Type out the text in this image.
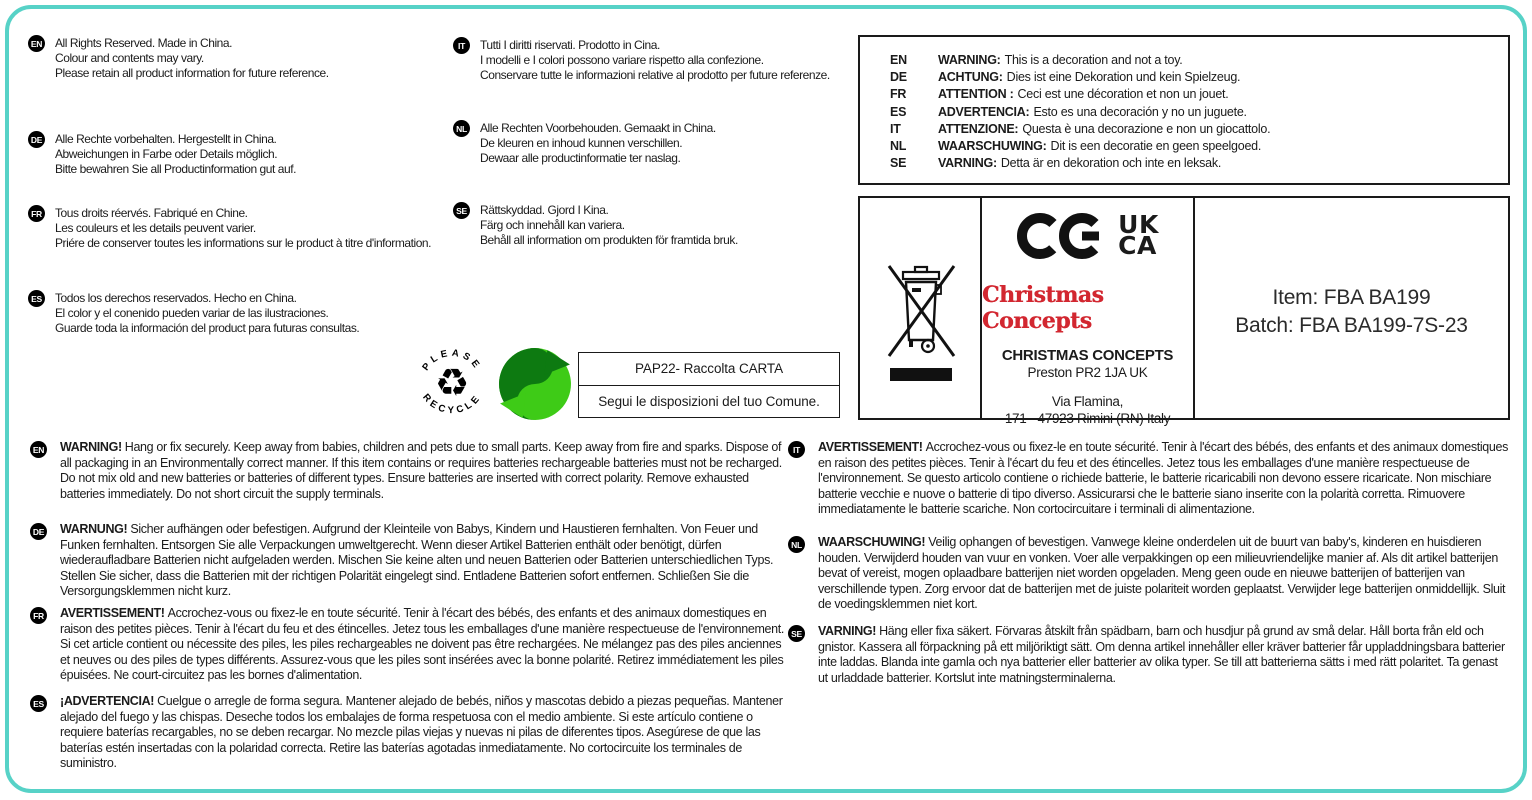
EN All Rights Reserved. Made in China.
Colour and contents may vary.
Please retain all product information for future reference.
DE Alle Rechte vorbehalten. Hergestellt in China.
Abweichungen in Farbe oder Details möglich.
Bitte bewahren Sie all Productinformation gut auf.
FR Tous droits réervés. Fabriqué en Chine.
Les couleurs et les details peuvent varier.
Priére de conserver toutes les informations sur le product à titre d'information.
ES Todos los derechos reservados. Hecho en China.
El color y el conenido pueden variar de las ilustraciones.
Guarde toda la información del product para futuras consultas.
IT	Tutti I diritti riservati. Prodotto in Cina.
I modelli e I colori possono variare rispetto alla confezione.
Conservare tutte le informazioni relative al prodotto per future referenze.
NL Alle Rechten Voorbehouden. Gemaakt in China.
De kleuren en inhoud kunnen verschillen.
Dewaar alle productinformatie ter naslag.
SE Rättskyddad. Gjord I Kina.
Färg och innehåll kan variera.
Behåll all information om produkten för framtida bruk.
EN	WARNING: This is a decoration and not a toy.
DE	ACHTUNG: Dies ist eine Dekoration und kein Spielzeug.
FR	ATTENTION : Ceci est une décoration et non un jouet.
ES	ADVERTENCIA: Esto es una decoración y no un juguete.
IT	ATTENZIONE: Questa è una decorazione e non un giocattolo.
NL	WAARSCHUWING: Dit is een decoratie en geen speelgoed.
SE	VARNING: Detta är en dekoration och inte en leksak.
UK
CA
Christmas Concepts
CHRISTMAS CONCEPTS
Preston PR2 1JA UK
Via Flamina,
171 - 47923 Rimini (RN) Italy
Item: FBA BA199
Batch: FBA BA199-7S-23
PLEASE
RECYCLE
♻	PAP22- Raccolta CARTA
Segui le disposizioni del tuo Comune.
EN WARNING! Hang or fix securely. Keep away from babies, children and pets due to small parts. Keep away from fire and sparks. Dispose of all packaging in an Environmentally correct manner. If this item contains or requires batteries rechargeable batteries must not be recharged. Do not mix old and new batteries or batteries of different types. Ensure batteries are inserted with correct polarity. Remove exhausted batteries immediately. Do not short circuit the supply terminals.
DE WARNUNG! Sicher aufhängen oder befestigen. Aufgrund der Kleinteile von Babys, Kindern und Haustieren fernhalten. Von Feuer und Funken fernhalten. Entsorgen Sie alle Verpackungen umweltgerecht. Wenn dieser Artikel Batterien enthält oder benötigt, dürfen wiederaufladbare Batterien nicht aufgeladen werden. Mischen Sie keine alten und neuen Batterien oder Batterien unterschiedlichen Typs. Stellen Sie sicher, dass die Batterien mit der richtigen Polarität eingelegt sind. Entladene Batterien sofort entfernen. Schließen Sie die Versorgungsklemmen nicht kurz.
FR AVERTISSEMENT! Accrochez-vous ou fixez-le en toute sécurité. Tenir à l'écart des bébés, des enfants et des animaux domestiques en raison des petites pièces. Tenir à l'écart du feu et des étincelles. Jetez tous les emballages d'une manière respectueuse de l'environnement. Si cet article contient ou nécessite des piles, les piles rechargeables ne doivent pas être rechargées. Ne mélangez pas des piles anciennes et neuves ou des piles de types différents. Assurez-vous que les piles sont insérées avec la bonne polarité. Retirez immédiatement les piles épuisées. Ne court-circuitez pas les bornes d'alimentation.
ES ¡ADVERTENCIA! Cuelgue o arregle de forma segura. Mantener alejado de bebés, niños y mascotas debido a piezas pequeñas. Mantener alejado del fuego y las chispas. Deseche todos los embalajes de forma respetuosa con el medio ambiente. Si este artículo contiene o requiere baterías recargables, no se deben recargar. No mezcle pilas viejas y nuevas ni pilas de diferentes tipos. Asegúrese de que las baterías estén insertadas con la polaridad correcta. Retire las baterías agotadas inmediatamente. No cortocircuite los terminales de suministro.
IT	AVERTISSEMENT! Accrochez-vous ou fixez-le en toute sécurité. Tenir à l'écart des bébés, des enfants et des animaux domestiques en raison des petites pièces. Tenir à l'écart du feu et des étincelles. Jetez tous les emballages d'une manière respectueuse de l'environnement. Se questo articolo contiene o richiede batterie, le batterie ricaricabili non devono essere ricaricate. Non mischiare batterie vecchie e nuove o batterie di tipo diverso. Assicurarsi che le batterie siano inserite con la polarità corretta. Rimuovere immediatamente le batterie scariche. Non cortocircuitare i terminali di alimentazione.
NL WAARSCHUWING! Veilig ophangen of bevestigen. Vanwege kleine onderdelen uit de buurt van baby's, kinderen en huisdieren houden. Verwijderd houden van vuur en vonken. Voer alle verpakkingen op een milieuvriendelijke manier af. Als dit artikel batterijen bevat of vereist, mogen oplaadbare batterijen niet worden opgeladen. Meng geen oude en nieuwe batterijen of batterijen van verschillende typen. Zorg ervoor dat de batterijen met de juiste polariteit worden geplaatst. Verwijder lege batterijen onmiddellijk. Sluit de voedingsklemmen niet kort.
SE VARNING! Häng eller fixa säkert. Förvaras åtskilt från spädbarn, barn och husdjur på grund av små delar. Håll borta från eld och gnistor. Kassera all förpackning på ett miljöriktigt sätt. Om denna artikel innehåller eller kräver batterier får uppladdningsbara batterier inte laddas. Blanda inte gamla och nya batterier eller batterier av olika typer. Se till att batterierna sätts i med rätt polaritet. Ta genast ut urladdade batterier. Kortslut inte matningsterminalerna.
